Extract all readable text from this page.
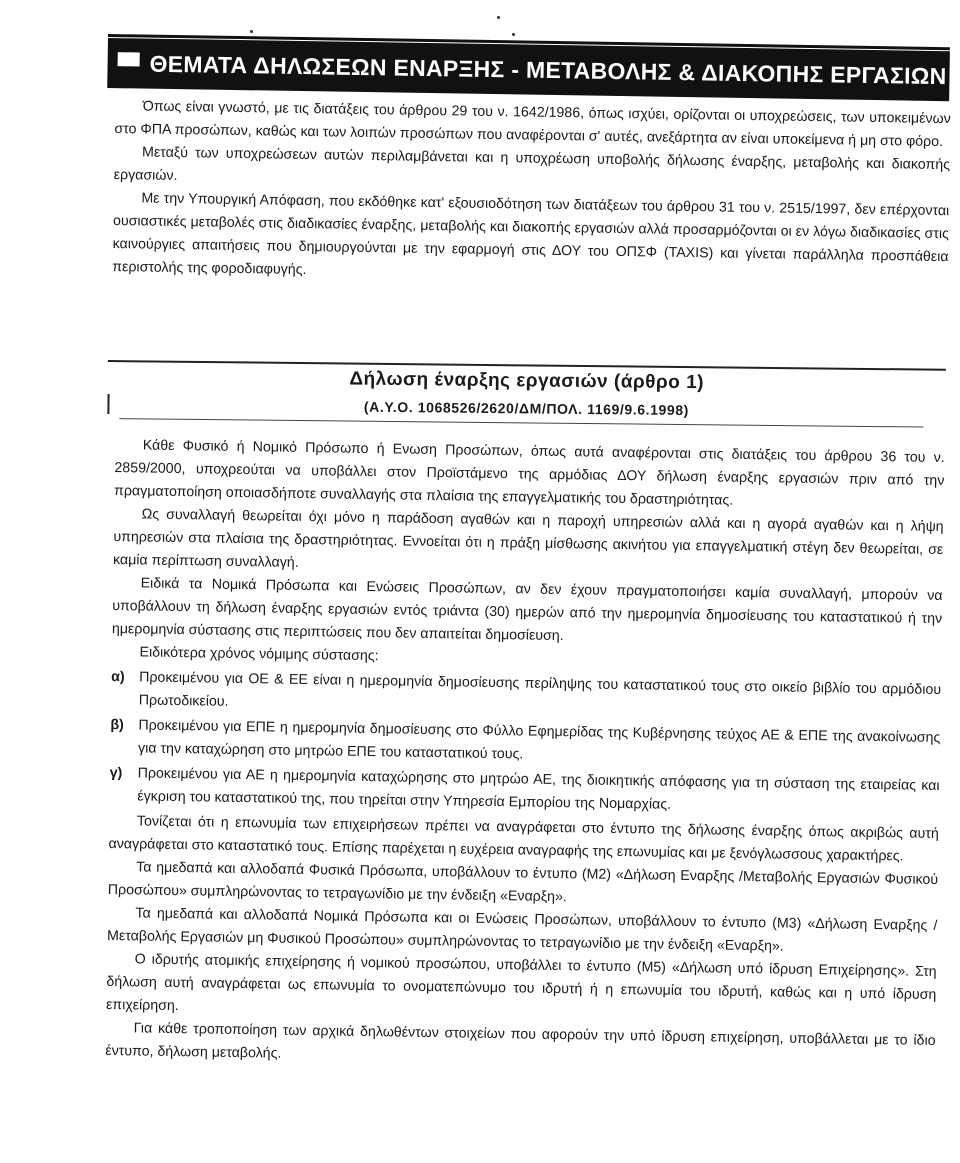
ΘΕΜΑΤΑ ΔΗΛΩΣΕΩΝ ΕΝΑΡΞΗΣ - ΜΕΤΑΒΟΛΗΣ & ΔΙΑΚΟΠΗΣ ΕΡΓΑΣΙΩΝ

Όπως είναι γνωστό, με τις διατάξεις του άρθρου 29 του ν. 1642/1986, όπως ισχύει, ορίζονται οι υποχρεώσεις, των υποκειμένων στο ΦΠΑ προσώπων, καθώς και των λοιπών προσώπων που αναφέρονται σ' αυτές, ανεξάρτητα αν είναι υποκείμενα ή μη στο φόρο.

Μεταξύ των υποχρεώσεων αυτών περιλαμβάνεται και η υποχρέωση υποβολής δήλωσης έναρξης, μεταβολής και διακοπής εργασιών.

Με την Υπουργική Απόφαση, που εκδόθηκε κατ' εξουσιοδότηση των διατάξεων του άρθρου 31 του ν. 2515/1997, δεν επέρχονται ουσιαστικές μεταβολές στις διαδικασίες έναρξης, μεταβολής και διακοπής εργασιών αλλά προσαρμόζονται οι εν λόγω διαδικασίες στις καινούργιες απαιτήσεις που δημιουργούνται με την εφαρμογή στις ΔΟΥ του ΟΠΣΦ (TAXIS) και γίνεται παράλληλα προσπάθεια περιστολής της φοροδιαφυγής.

Δήλωση έναρξης εργασιών (άρθρο 1)
(Α.Υ.Ο. 1068526/2620/ΔΜ/ΠΟΛ. 1169/9.6.1998)

Κάθε Φυσικό ή Νομικό Πρόσωπο ή Ενωση Προσώπων, όπως αυτά αναφέρονται στις διατάξεις του άρθρου 36 του ν. 2859/2000, υποχρεούται να υποβάλλει στον Προϊστάμενο της αρμόδιας ΔΟΥ δήλωση έναρξης εργασιών πριν από την πραγματοποίηση οποιασδήποτε συναλλαγής στα πλαίσια της επαγγελματικής του δραστηριότητας.

Ως συναλλαγή θεωρείται όχι μόνο η παράδοση αγαθών και η παροχή υπηρεσιών αλλά και η αγορά αγαθών και η λήψη υπηρεσιών στα πλαίσια της δραστηριότητας. Εννοείται ότι η πράξη μίσθωσης ακινήτου για επαγγελματική στέγη δεν θεωρείται, σε καμία περίπτωση συναλλαγή.

Ειδικά τα Νομικά Πρόσωπα και Ενώσεις Προσώπων, αν δεν έχουν πραγματοποιήσει καμία συναλλαγή, μπορούν να υποβάλλουν τη δήλωση έναρξης εργασιών εντός τριάντα (30) ημερών από την ημερομηνία δημοσίευσης του καταστατικού ή την ημερομηνία σύστασης στις περιπτώσεις που δεν απαιτείται δημοσίευση.

Ειδικότερα χρόνος νόμιμης σύστασης:

α)	Προκειμένου για ΟΕ & ΕΕ είναι η ημερομηνία δημοσίευσης περίληψης του καταστατικού τους στο οικείο βιβλίο του αρμόδιου Πρωτοδικείου.
β)	Προκειμένου για ΕΠΕ η ημερομηνία δημοσίευσης στο Φύλλο Εφημερίδας της Κυβέρνησης τεύχος ΑΕ & ΕΠΕ της ανακοίνωσης για την καταχώρηση στο μητρώο ΕΠΕ του καταστατικού τους.
γ)	Προκειμένου για ΑΕ η ημερομηνία καταχώρησης στο μητρώο ΑΕ, της διοικητικής απόφασης για τη σύσταση της εταιρείας και έγκριση του καταστατικού της, που τηρείται στην Υπηρεσία Εμπορίου της Νομαρχίας.

Τονίζεται ότι η επωνυμία των επιχειρήσεων πρέπει να αναγράφεται στο έντυπο της δήλωσης έναρξης όπως ακριβώς αυτή αναγράφεται στο καταστατικό τους. Επίσης παρέχεται η ευχέρεια αναγραφής της επωνυμίας και με ξενόγλωσσους χαρακτήρες.

Τα ημεδαπά και αλλοδαπά Φυσικά Πρόσωπα, υποβάλλουν το έντυπο (Μ2) «Δήλωση Εναρξης /Μεταβολής Εργασιών Φυσικού Προσώπου» συμπληρώνοντας το τετραγωνίδιο με την ένδειξη «Εναρξη».

Τα ημεδαπά και αλλοδαπά Νομικά Πρόσωπα και οι Ενώσεις Προσώπων, υποβάλλουν το έντυπο (Μ3) «Δήλωση Εναρξης / Μεταβολής Εργασιών μη Φυσικού Προσώπου» συμπληρώνοντας το τετραγωνίδιο με την ένδειξη «Εναρξη».

Ο ιδρυτής ατομικής επιχείρησης ή νομικού προσώπου, υποβάλλει το έντυπο (Μ5) «Δήλωση υπό ίδρυση Επιχείρησης». Στη δήλωση αυτή αναγράφεται ως επωνυμία το ονοματεπώνυμο του ιδρυτή ή η επωνυμία του ιδρυτή, καθώς και η υπό ίδρυση επιχείρηση.

Για κάθε τροποποίηση των αρχικά δηλωθέντων στοιχείων που αφορούν την υπό ίδρυση επιχείρηση, υποβάλλεται με το ίδιο έντυπο, δήλωση μεταβολής.
